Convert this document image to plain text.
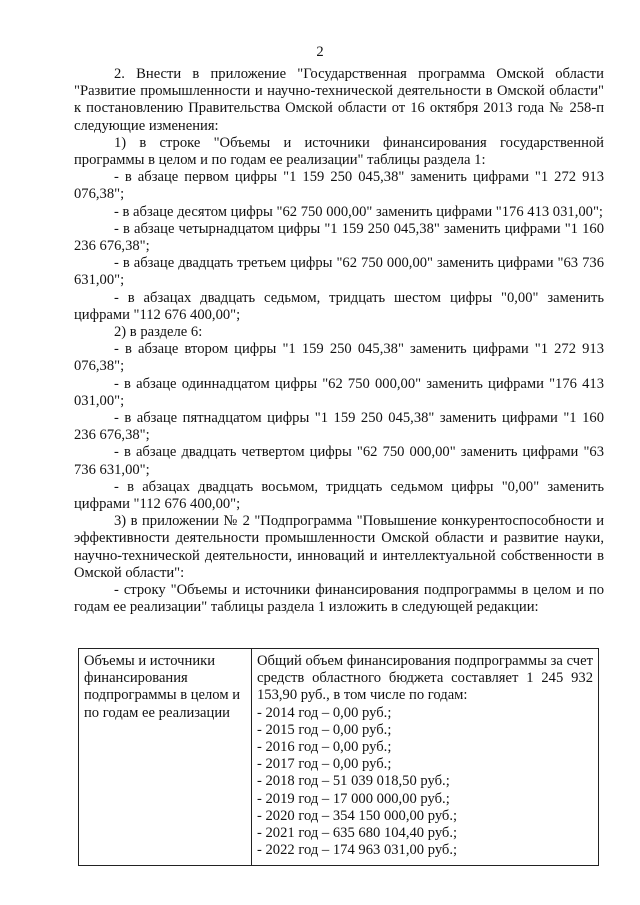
2

2. Внести в приложение "Государственная программа Омской области "Развитие промышленности и научно-технической деятельности в Омской области" к постановлению Правительства Омской области от 16 октября 2013 года № 258-п следующие изменения:

1) в строке "Объемы и источники финансирования государственной программы в целом и по годам ее реализации" таблицы раздела 1:

- в абзаце первом цифры "1 159 250 045,38" заменить цифрами "1 272 913 076,38";

- в абзаце десятом цифры "62 750 000,00" заменить цифрами "176 413 031,00";

- в абзаце четырнадцатом цифры "1 159 250 045,38" заменить цифрами "1 160 236 676,38";

- в абзаце двадцать третьем цифры "62 750 000,00" заменить цифрами "63 736 631,00";

- в абзацах двадцать седьмом, тридцать шестом цифры "0,00" заменить цифрами "112 676 400,00";

2) в разделе 6:

- в абзаце втором цифры "1 159 250 045,38" заменить цифрами "1 272 913 076,38";

- в абзаце одиннадцатом цифры "62 750 000,00" заменить цифрами "176 413 031,00";

- в абзаце пятнадцатом цифры "1 159 250 045,38" заменить цифрами "1 160 236 676,38";

- в абзаце двадцать четвертом цифры "62 750 000,00" заменить цифрами "63 736 631,00";

- в абзацах двадцать восьмом, тридцать седьмом цифры "0,00" заменить цифрами "112 676 400,00";

3) в приложении № 2 "Подпрограмма "Повышение конкурентоспособности и эффективности деятельности промышленности Омской области и развитие науки, научно-технической деятельности, инноваций и интеллектуальной собственности в Омской области":

- строку "Объемы и источники финансирования подпрограммы в целом и по годам ее реализации" таблицы раздела 1 изложить в следующей редакции:

Объемы и источники финансирования подпрограммы в целом и по годам ее реализации

Общий объем финансирования подпрограммы за счет средств областного бюджета составляет 1 245 932 153,90 руб., в том числе по годам:

- 2014 год – 0,00 руб.;

- 2015 год – 0,00 руб.;

- 2016 год – 0,00 руб.;

- 2017 год – 0,00 руб.;

- 2018 год – 51 039 018,50 руб.;

- 2019 год – 17 000 000,00 руб.;

- 2020 год – 354 150 000,00 руб.;

- 2021 год – 635 680 104,40 руб.;

- 2022 год – 174 963 031,00 руб.;
